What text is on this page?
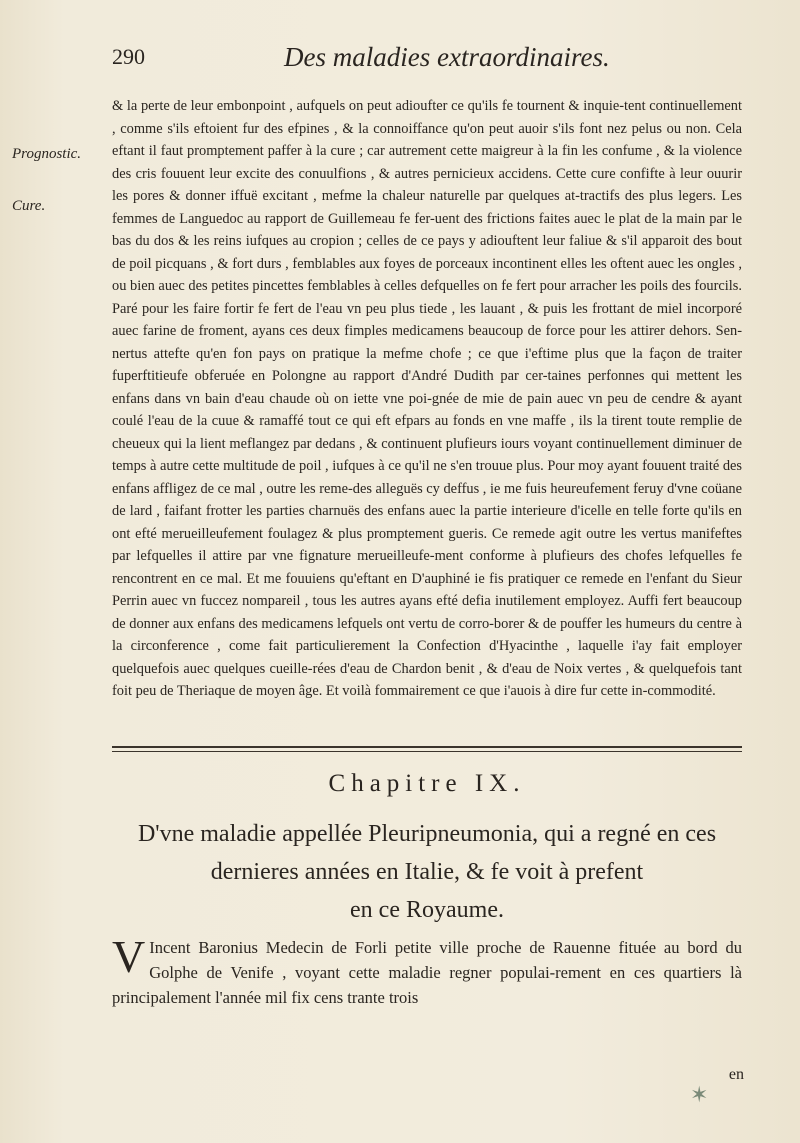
290	Des maladies extraordinaires.
Prognostic.
Cure.

& la perte de leur embonpoint , aufquels on peut adioufter ce qu'ils fe tournent & inquie-tent continuellement , comme s'ils eftoient fur des efpines , & la connoiffance qu'on peut auoir s'ils font nez pelus ou non. Cela eftant il faut promptement paffer à la cure ; car autrement cette maigreur à la fin les confume , & la violence des cris fouuent leur excite des conuulfions , & autres pernicieux accidens. Cette cure confifte à leur ouurir les pores & donner iffuë excitant , mefme la chaleur naturelle par quelques at-tractifs des plus legers. Les femmes de Languedoc au rapport de Guillemeau fe fer-uent des frictions faites auec le plat de la main par le bas du dos & les reins iufques au cropion ; celles de ce pays y adiouftent leur faliue & s'il apparoit des bout de poil picquans , & fort durs , femblables aux foyes de porceaux incontinent elles les oftent auec les ongles , ou bien auec des petites pincettes femblables à celles defquelles on fe fert pour arracher les poils des fourcils. Paré pour les faire fortir fe fert de l'eau vn peu plus tiede , les lauant , & puis les frottant de miel incorporé auec farine de froment, ayans ces deux fimples medicamens beaucoup de force pour les attirer dehors. Sen-nertus attefte qu'en fon pays on pratique la mefme chofe ; ce que i'eftime plus que la façon de traiter fuperftitieufe obferuée en Polongne au rapport d'André Dudith par cer-taines perfonnes qui mettent les enfans dans vn bain d'eau chaude où on iette vne poi-gnée de mie de pain auec vn peu de cendre & ayant coulé l'eau de la cuue & ramaffé tout ce qui eft efpars au fonds en vne maffe , ils la tirent toute remplie de cheueux qui la lient meflangez par dedans , & continuent plufieurs iours voyant continuellement diminuer de temps à autre cette multitude de poil , iufques à ce qu'il ne s'en trouue plus. Pour moy ayant fouuent traité des enfans affligez de ce mal , outre les reme-des alleguës cy deffus , ie me fuis heureufement feruy d'vne coüane de lard , faifant frotter les parties charnuës des enfans auec la partie interieure d'icelle en telle forte qu'ils en ont efté merueilleufement foulagez & plus promptement gueris. Ce remede agit outre les vertus manifeftes par lefquelles il attire par vne fignature merueilleufe-ment conforme à plufieurs des chofes lefquelles fe rencontrent en ce mal. Et me fouuiens qu'eftant en D'auphiné ie fis pratiquer ce remede en l'enfant du Sieur Perrin auec vn fuccez nompareil , tous les autres ayans efté defia inutilement employez. Auffi fert beaucoup de donner aux enfans des medicamens lefquels ont vertu de corro-borer & de pouffer les humeurs du centre à la circonference , come fait particulierement la Confection d'Hyacinthe , laquelle i'ay fait employer quelquefois auec quelques cueille-rées d'eau de Chardon benit , & d'eau de Noix vertes , & quelquefois tant foit peu de Theriaque de moyen âge. Et voilà fommairement ce que i'auois à dire fur cette in-commodité.

Chapitre IX.
D'vne maladie appellée Pleuripneumonia, qui a regné en ces
dernieres années en Italie, & fe voit à prefent
en ce Royaume.
V Incent Baronius Medecin de Forli petite ville proche de Rauenne fituée au bord du Golphe de Venife , voyant cette maladie regner populai-rement en ces quartiers là principalement l'année mil fix cens trante trois
en
✶
